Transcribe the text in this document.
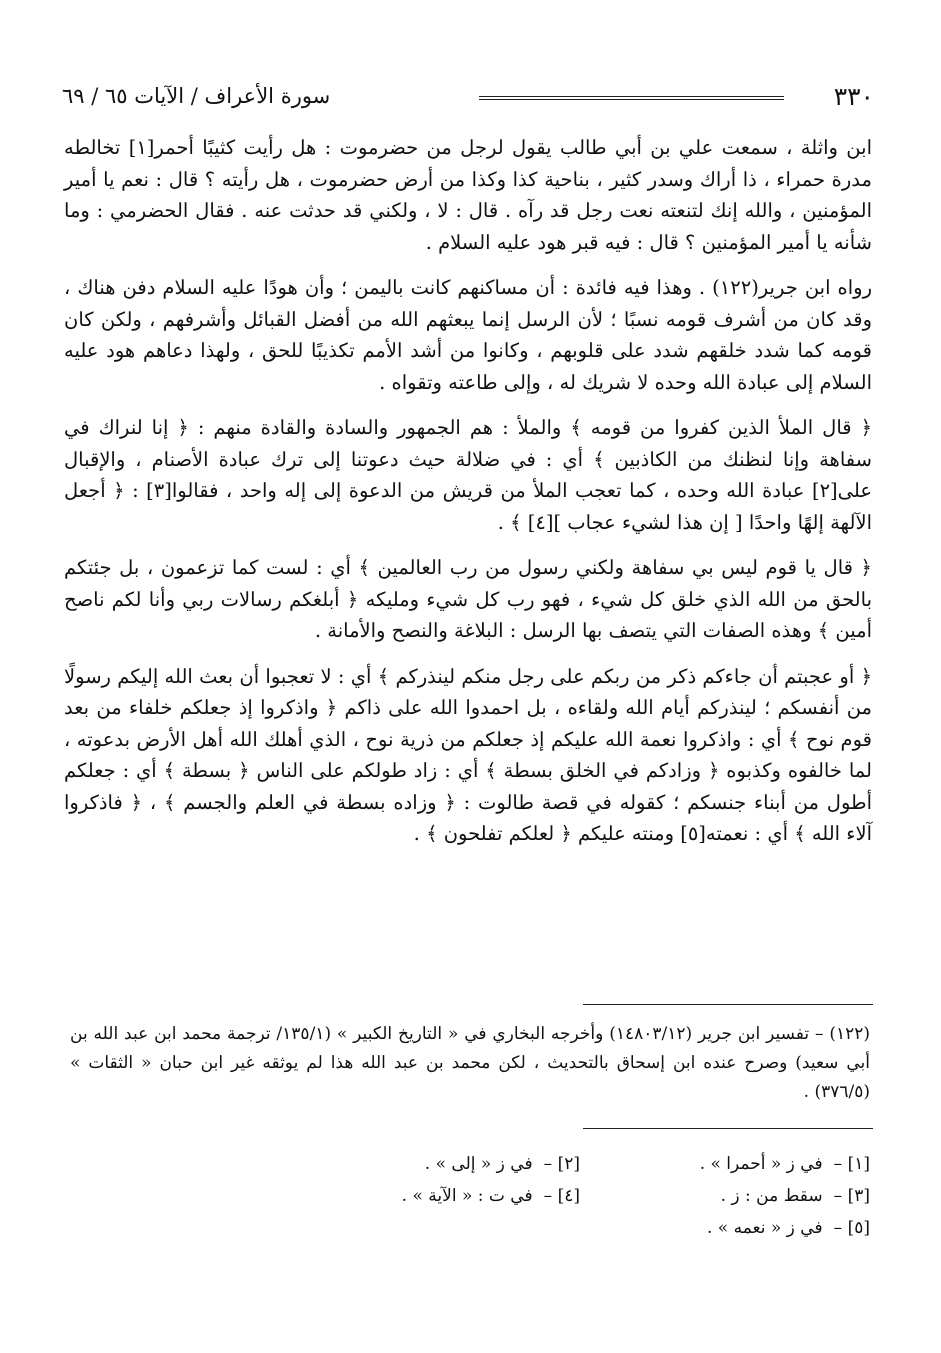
٣٣٠
سورة الأعراف / الآيات ٦٥ / ٦٩

ابن واثلة ، سمعت علي بن أبي طالب يقول لرجل من حضرموت : هل رأيت كثيبًا أحمر[١] تخالطه مدرة حمراء ، ذا أراك وسدر كثير ، بناحية كذا وكذا من أرض حضرموت ، هل رأيته ؟ قال : نعم يا أمير المؤمنين ، والله إنك لتنعته نعت رجل قد رآه . قال : لا ، ولكني قد حدثت عنه . فقال الحضرمي : وما شأنه يا أمير المؤمنين ؟ قال : فيه قبر هود عليه السلام .

رواه ابن جرير(١٢٢) . وهذا فيه فائدة : أن مساكنهم كانت باليمن ؛ وأن هودًا عليه السلام دفن هناك ، وقد كان من أشرف قومه نسبًا ؛ لأن الرسل إنما يبعثهم الله من أفضل القبائل وأشرفهم ، ولكن كان قومه كما شدد خلقهم شدد على قلوبهم ، وكانوا من أشد الأمم تكذيبًا للحق ، ولهذا دعاهم هود عليه السلام إلى عبادة الله وحده لا شريك له ، وإلى طاعته وتقواه .

﴿ قال الملأ الذين كفروا من قومه ﴾ والملأ : هم الجمهور والسادة والقادة منهم : ﴿ إنا لنراك في سفاهة وإنا لنظنك من الكاذبين ﴾ أي : في ضلالة حيث دعوتنا إلى ترك عبادة الأصنام ، والإقبال على[٢] عبادة الله وحده ، كما تعجب الملأ من قريش من الدعوة إلى إله واحد ، فقالوا[٣] : ﴿ أجعل الآلهة إلهًا واحدًا [ إن هذا لشيء عجاب ][٤] ﴾ .

﴿ قال يا قوم ليس بي سفاهة ولكني رسول من رب العالمين ﴾ أي : لست كما تزعمون ، بل جئتكم بالحق من الله الذي خلق كل شيء ، فهو رب كل شيء ومليكه ﴿ أبلغكم رسالات ربي وأنا لكم ناصح أمين ﴾ وهذه الصفات التي يتصف بها الرسل : البلاغة والنصح والأمانة .

﴿ أو عجبتم أن جاءكم ذكر من ربكم على رجل منكم لينذركم ﴾ أي : لا تعجبوا أن بعث الله إليكم رسولًا من أنفسكم ؛ لينذركم أيام الله ولقاءه ، بل احمدوا الله على ذاكم ﴿ واذكروا إذ جعلكم خلفاء من بعد قوم نوح ﴾ أي : واذكروا نعمة الله عليكم إذ جعلكم من ذرية نوح ، الذي أهلك الله أهل الأرض بدعوته ، لما خالفوه وكذبوه ﴿ وزادكم في الخلق بسطة ﴾ أي : زاد طولكم على الناس ﴿ بسطة ﴾ أي : جعلكم أطول من أبناء جنسكم ؛ كقوله في قصة طالوت : ﴿ وزاده بسطة في العلم والجسم ﴾ ، ﴿ فاذكروا آلاء الله ﴾ أي : نعمته[٥] ومنته عليكم ﴿ لعلكم تفلحون ﴾ .

(١٢٢) – تفسير ابن جرير (١٤٨٠٣/١٢) وأخرجه البخاري في « التاريخ الكبير » (١٣٥/١/ ترجمة محمد ابن عبد الله بن أبي سعيد) وصرح عنده ابن إسحاق بالتحديث ، لكن محمد بن عبد الله هذا لم يوثقه غير ابن حبان « الثقات » (٣٧٦/٥) .
[١] – في ز « أحمرا » .
[٢] – في ز « إلى » .
[٣] – سقط من : ز .
[٤] – في ت : « الآية » .
[٥] – في ز « نعمه » .
